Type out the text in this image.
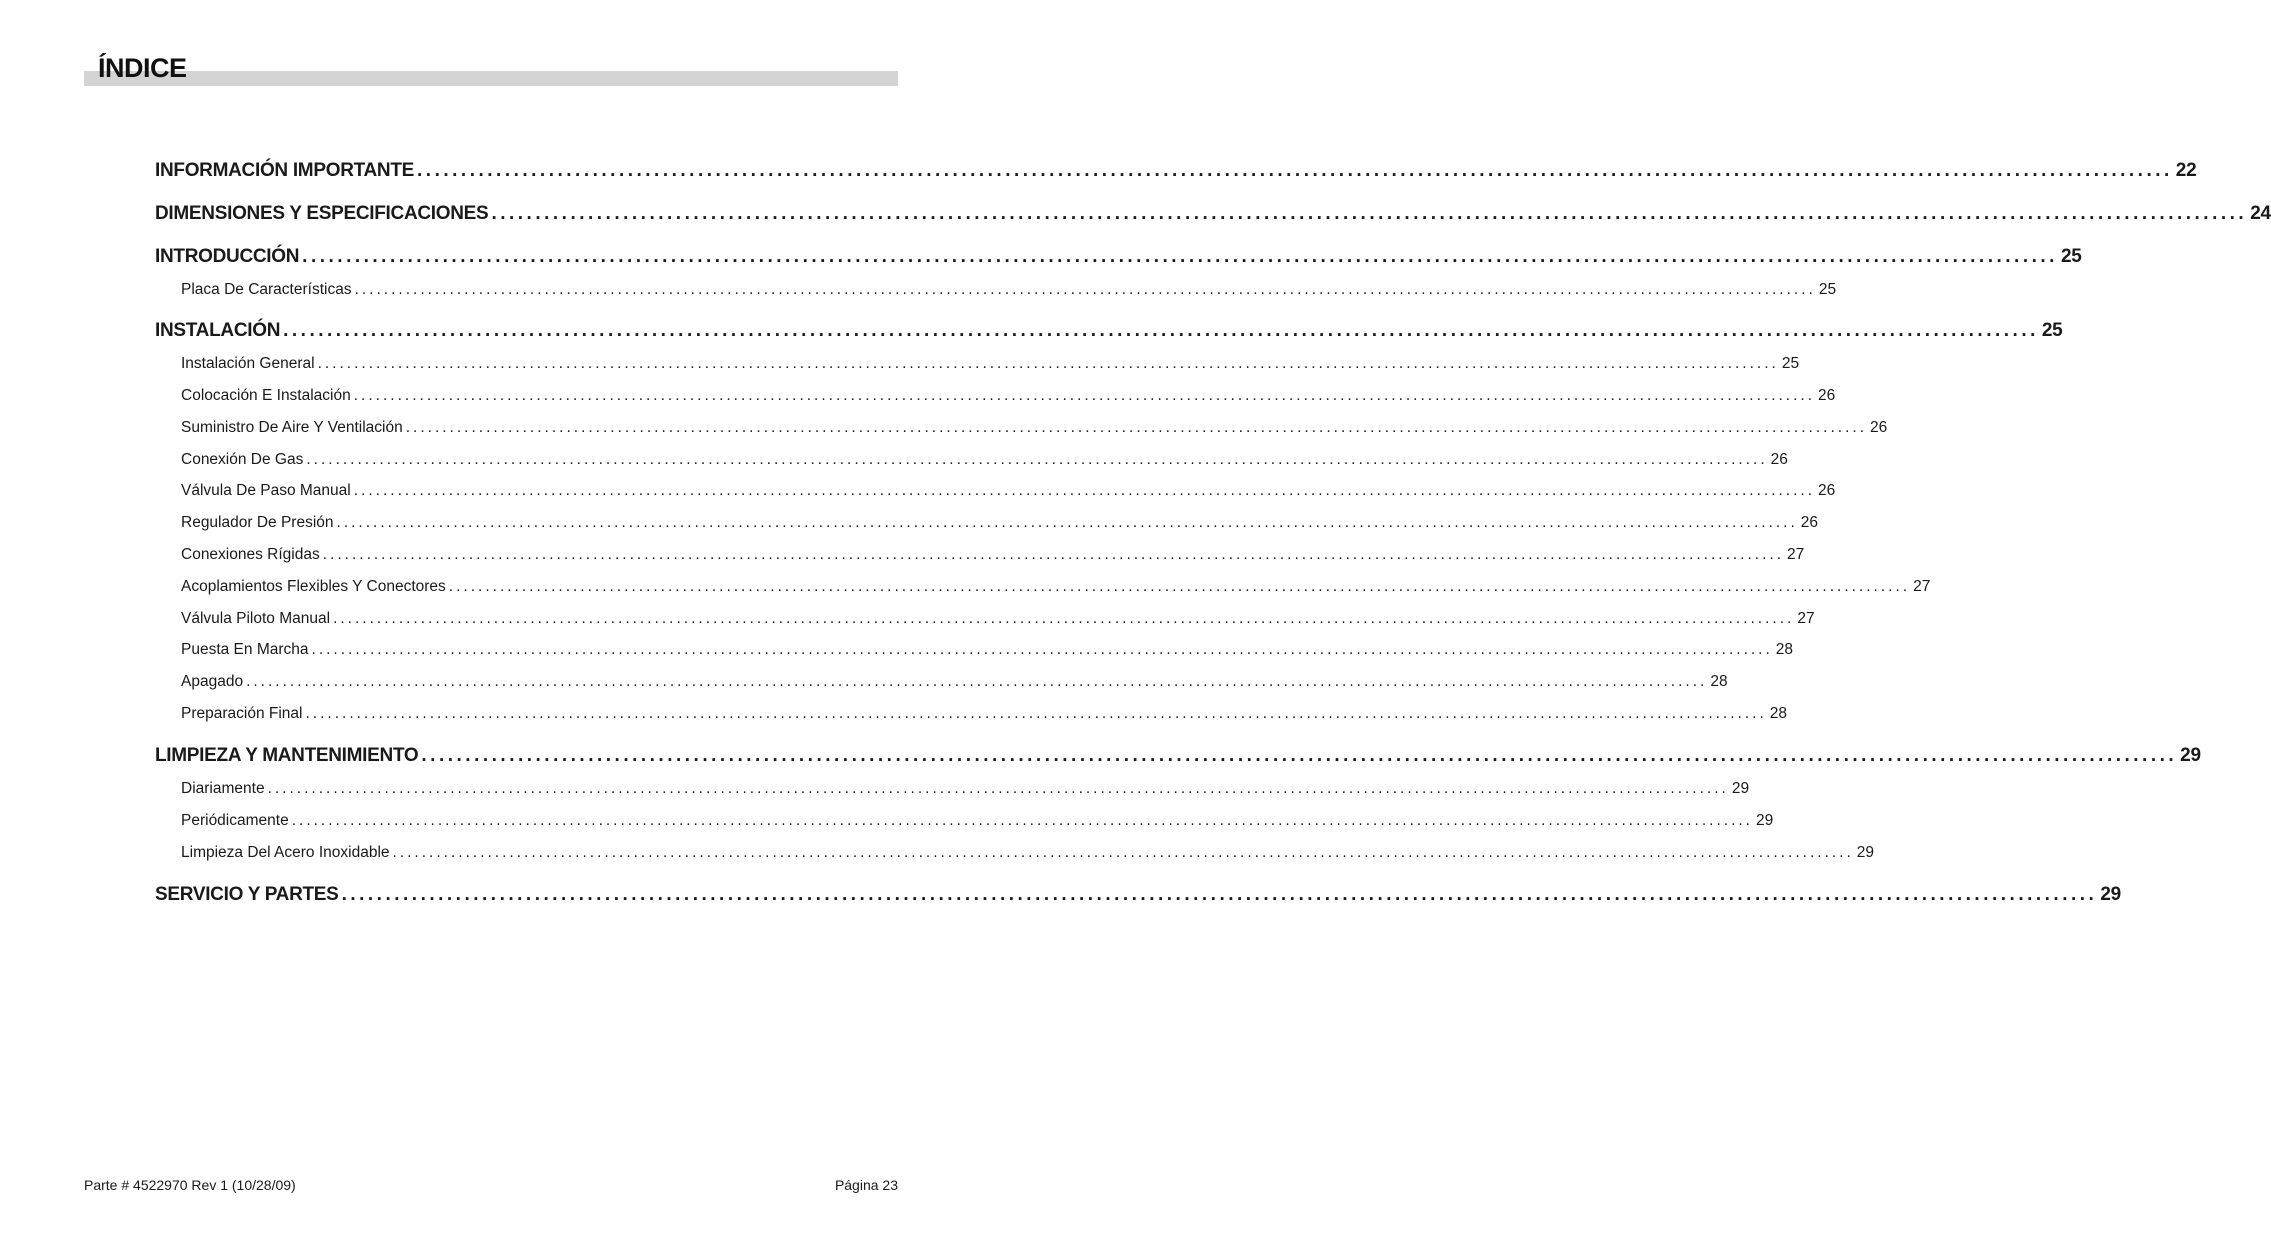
ÍNDICE
INFORMACIÓN IMPORTANTE ........................................................................................................................................................................................................ 22
DIMENSIONES Y ESPECIFICACIONES ........................................................................................................................................................................................................ 24
INTRODUCCIÓN ........................................................................................................................................................................................................ 25
Placa De Características ........................................................................................................................................................................................................ 25
INSTALACIÓN ........................................................................................................................................................................................................ 25
Instalación General ........................................................................................................................................................................................................ 25
Colocación E Instalación ........................................................................................................................................................................................................ 26
Suministro De Aire Y Ventilación ........................................................................................................................................................................................................ 26
Conexión De Gas ........................................................................................................................................................................................................ 26
Válvula De Paso Manual ........................................................................................................................................................................................................ 26
Regulador De Presión ........................................................................................................................................................................................................ 26
Conexiones Rígidas ........................................................................................................................................................................................................ 27
Acoplamientos Flexibles Y Conectores ........................................................................................................................................................................................................ 27
Válvula Piloto Manual ........................................................................................................................................................................................................ 27
Puesta En Marcha ........................................................................................................................................................................................................ 28
Apagado ........................................................................................................................................................................................................ 28
Preparación Final ........................................................................................................................................................................................................ 28
LIMPIEZA Y MANTENIMIENTO ........................................................................................................................................................................................................ 29
Diariamente ........................................................................................................................................................................................................ 29
Periódicamente ........................................................................................................................................................................................................ 29
Limpieza Del Acero Inoxidable ........................................................................................................................................................................................................ 29
SERVICIO Y PARTES ........................................................................................................................................................................................................ 29
Parte # 4522970 Rev 1 (10/28/09)	Página 23
